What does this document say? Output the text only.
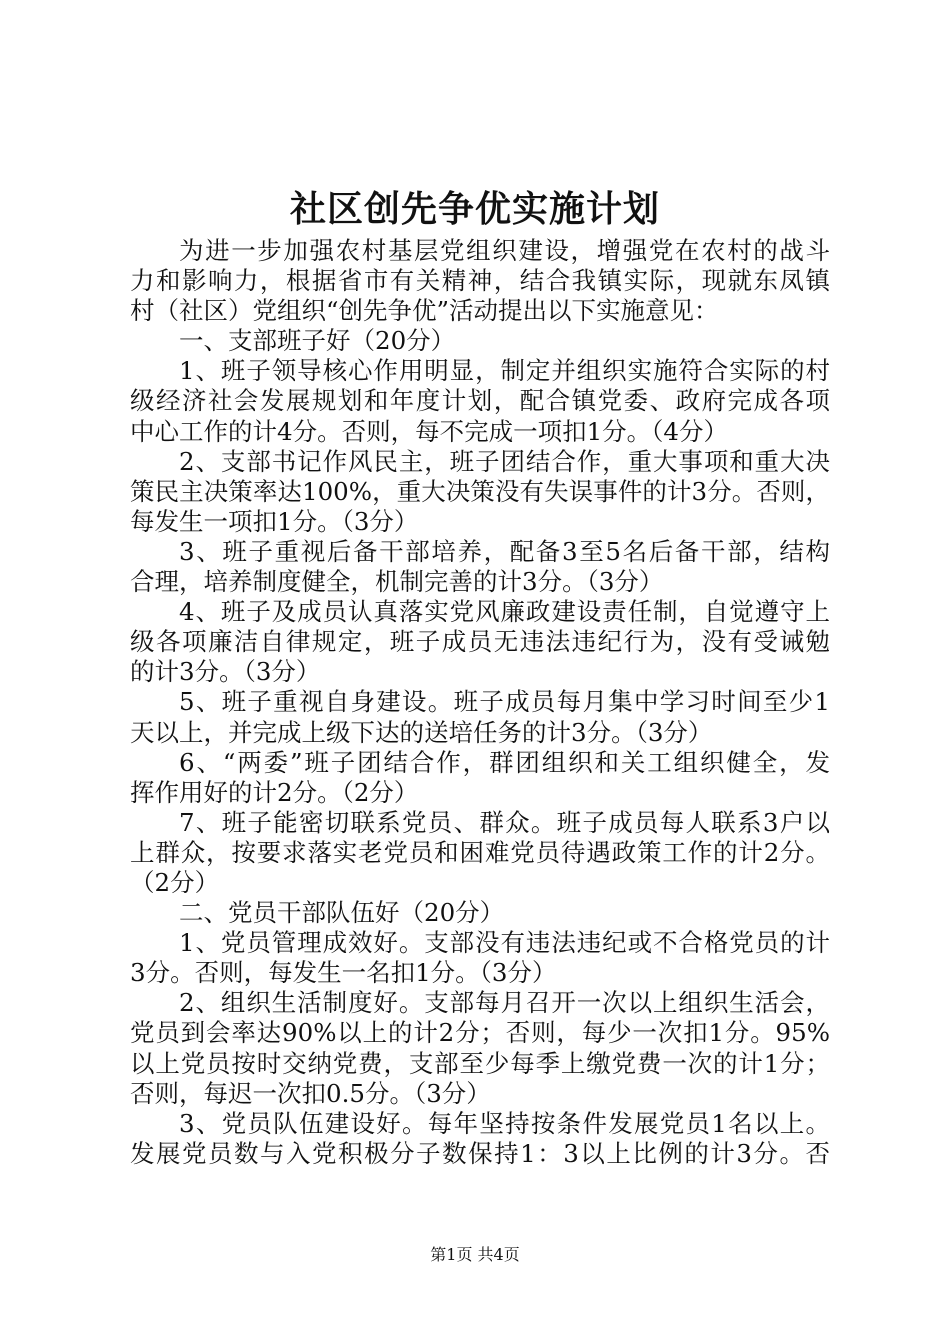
社区创先争优实施计划
为进一步加强农村基层党组织建设，增强党在农村的战斗
力和影响力，根据省市有关精神，结合我镇实际，现就东凤镇
村（社区）党组织“创先争优”活动提出以下实施意见：
一、支部班子好（20分）
1、班子领导核心作用明显，制定并组织实施符合实际的村
级经济社会发展规划和年度计划，配合镇党委、政府完成各项
中心工作的计4分。否则，每不完成一项扣1分。（4分）
2、支部书记作风民主，班子团结合作，重大事项和重大决
策民主决策率达100%，重大决策没有失误事件的计3分。否则，
每发生一项扣1分。（3分）
3、班子重视后备干部培养，配备3至5名后备干部，结构
合理，培养制度健全，机制完善的计3分。（3分）
4、班子及成员认真落实党风廉政建设责任制，自觉遵守上
级各项廉洁自律规定，班子成员无违法违纪行为，没有受诫勉
的计3分。（3分）
5、班子重视自身建设。班子成员每月集中学习时间至少1
天以上，并完成上级下达的送培任务的计3分。（3分）
6、“两委”班子团结合作，群团组织和关工组织健全，发
挥作用好的计2分。（2分）
7、班子能密切联系党员、群众。班子成员每人联系3户以
上群众，按要求落实老党员和困难党员待遇政策工作的计2分。
（2分）
二、党员干部队伍好（20分）
1、党员管理成效好。支部没有违法违纪或不合格党员的计
3分。否则，每发生一名扣1分。（3分）
2、组织生活制度好。支部每月召开一次以上组织生活会，
党员到会率达90%以上的计2分；否则，每少一次扣1分。95%
以上党员按时交纳党费，支部至少每季上缴党费一次的计1分；
否则，每迟一次扣0.5分。（3分）
3、党员队伍建设好。每年坚持按条件发展党员1名以上。
发展党员数与入党积极分子数保持1：3以上比例的计3分。否
第1页 共4页
